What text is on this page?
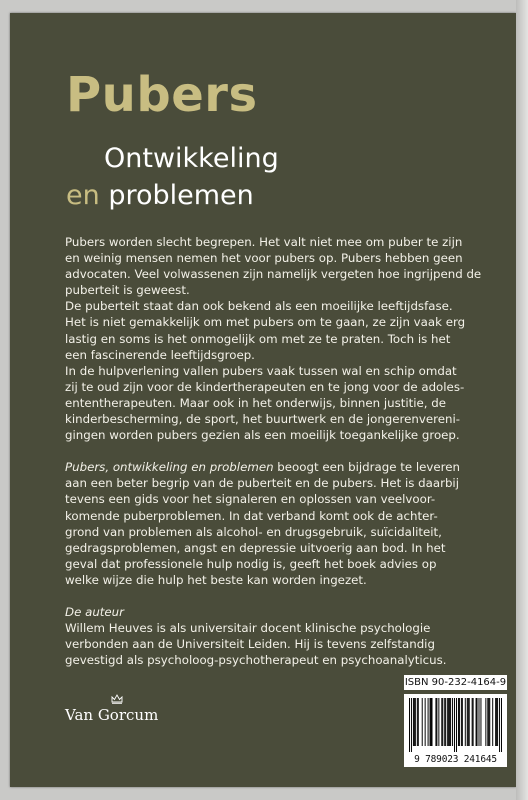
Pubers
Ontwikkeling
en problemen

Pubers worden slecht begrepen. Het valt niet mee om puber te zijn

en weinig mensen nemen het voor pubers op. Pubers hebben geen

advocaten. Veel volwassenen zijn namelijk vergeten hoe ingrijpend de

puberteit is geweest.

De puberteit staat dan ook bekend als een moeilijke leeftijdsfase.

Het is niet gemakkelijk om met pubers om te gaan, ze zijn vaak erg

lastig en soms is het onmogelijk om met ze te praten. Toch is het

een fascinerende leeftijdsgroep.

In de hulpverlening vallen pubers vaak tussen wal en schip omdat

zij te oud zijn voor de kindertherapeuten en te jong voor de adoles-

ententherapeuten. Maar ook in het onderwijs, binnen justitie, de

kinderbescherming, de sport, het buurtwerk en de jongerenvereni-

gingen worden pubers gezien als een moeilijk toegankelijke groep.

Pubers, ontwikkeling en problemen beoogt een bijdrage te leveren

aan een beter begrip van de puberteit en de pubers. Het is daarbij

tevens een gids voor het signaleren en oplossen van veelvoor-

komende puberproblemen. In dat verband komt ook de achter-

grond van problemen als alcohol- en drugsgebruik, suïcidaliteit,

gedragsproblemen, angst en depressie uitvoerig aan bod. In het

geval dat professionele hulp nodig is, geeft het boek advies op

welke wijze die hulp het beste kan worden ingezet.

De auteur

Willem Heuves is als universitair docent klinische psychologie

verbonden aan de Universiteit Leiden. Hij is tevens zelfstandig

gevestigd als psycholoog-psychotherapeut en psychoanalyticus.

Van Gorcum
ISBN 90-232-4164-9
9 789023 241645
